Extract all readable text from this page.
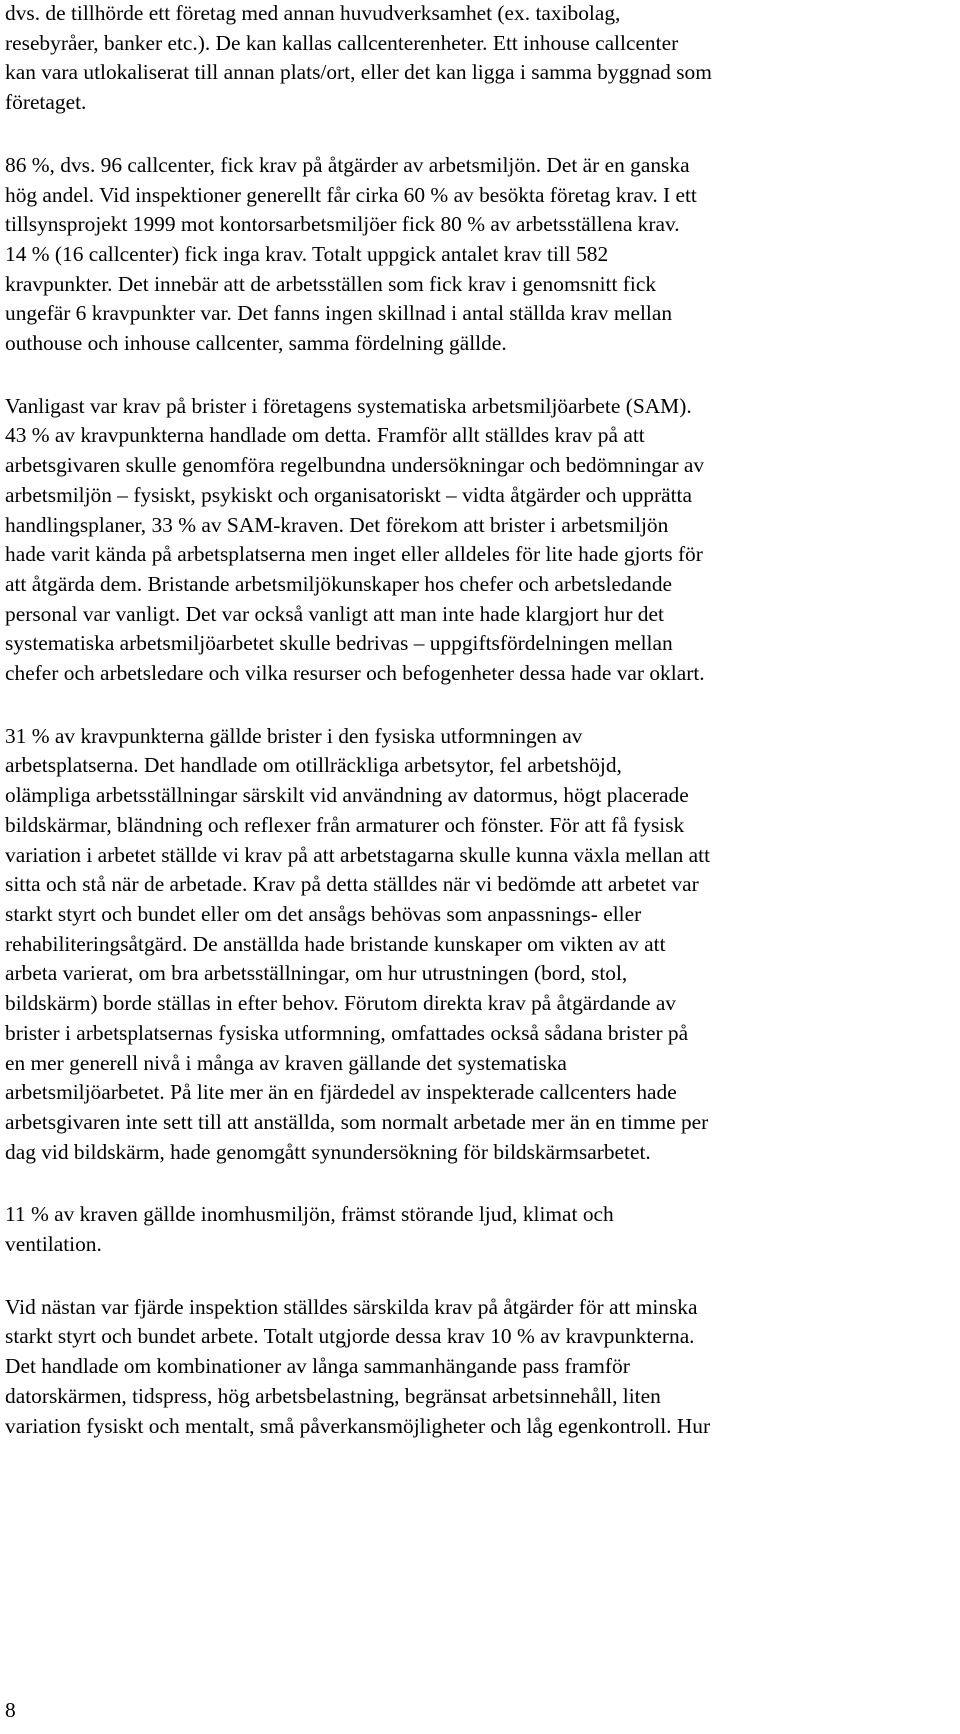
dvs. de tillhörde ett företag med annan huvudverksamhet (ex. taxibolag,
resebyråer, banker etc.). De kan kallas callcenterenheter. Ett inhouse callcenter
kan vara utlokaliserat till annan plats/ort, eller det kan ligga i samma byggnad som
företaget.

86 %, dvs. 96 callcenter, fick krav på åtgärder av arbetsmiljön. Det är en ganska
hög andel. Vid inspektioner generellt får cirka 60 % av besökta företag krav. I ett
tillsynsprojekt 1999 mot kontorsarbetsmiljöer fick 80 % av arbetsställena krav.
14 % (16 callcenter) fick inga krav. Totalt uppgick antalet krav till 582
kravpunkter. Det innebär att de arbetsställen som fick krav i genomsnitt fick
ungefär 6 kravpunkter var. Det fanns ingen skillnad i antal ställda krav mellan
outhouse och inhouse callcenter, samma fördelning gällde.

Vanligast var krav på brister i företagens systematiska arbetsmiljöarbete (SAM).
43 % av kravpunkterna handlade om detta. Framför allt ställdes krav på att
arbetsgivaren skulle genomföra regelbundna undersökningar och bedömningar av
arbetsmiljön – fysiskt, psykiskt och organisatoriskt – vidta åtgärder och upprätta
handlingsplaner, 33 % av SAM-kraven. Det förekom att brister i arbetsmiljön
hade varit kända på arbetsplatserna men inget eller alldeles för lite hade gjorts för
att åtgärda dem. Bristande arbetsmiljökunskaper hos chefer och arbetsledande
personal var vanligt. Det var också vanligt att man inte hade klargjort hur det
systematiska arbetsmiljöarbetet skulle bedrivas – uppgiftsfördelningen mellan
chefer och arbetsledare och vilka resurser och befogenheter dessa hade var oklart.

31 % av kravpunkterna gällde brister i den fysiska utformningen av
arbetsplatserna. Det handlade om otillräckliga arbetsytor, fel arbetshöjd,
olämpliga arbetsställningar särskilt vid användning av datormus, högt placerade
bildskärmar, bländning och reflexer från armaturer och fönster. För att få fysisk
variation i arbetet ställde vi krav på att arbetstagarna skulle kunna växla mellan att
sitta och stå när de arbetade. Krav på detta ställdes när vi bedömde att arbetet var
starkt styrt och bundet eller om det ansågs behövas som anpassnings- eller
rehabiliteringsåtgärd. De anställda hade bristande kunskaper om vikten av att
arbeta varierat, om bra arbetsställningar, om hur utrustningen (bord, stol,
bildskärm) borde ställas in efter behov. Förutom direkta krav på åtgärdande av
brister i arbetsplatsernas fysiska utformning, omfattades också sådana brister på
en mer generell nivå i många av kraven gällande det systematiska
arbetsmiljöarbetet. På lite mer än en fjärdedel av inspekterade callcenters hade
arbetsgivaren inte sett till att anställda, som normalt arbetade mer än en timme per
dag vid bildskärm, hade genomgått synundersökning för bildskärmsarbetet.

11 % av kraven gällde inomhusmiljön, främst störande ljud, klimat och
ventilation.

Vid nästan var fjärde inspektion ställdes särskilda krav på åtgärder för att minska
starkt styrt och bundet arbete. Totalt utgjorde dessa krav 10 % av kravpunkterna.
Det handlade om kombinationer av långa sammanhängande pass framför
datorskärmen, tidspress, hög arbetsbelastning, begränsat arbetsinnehåll, liten
variation fysiskt och mentalt, små påverkansmöjligheter och låg egenkontroll. Hur

8
